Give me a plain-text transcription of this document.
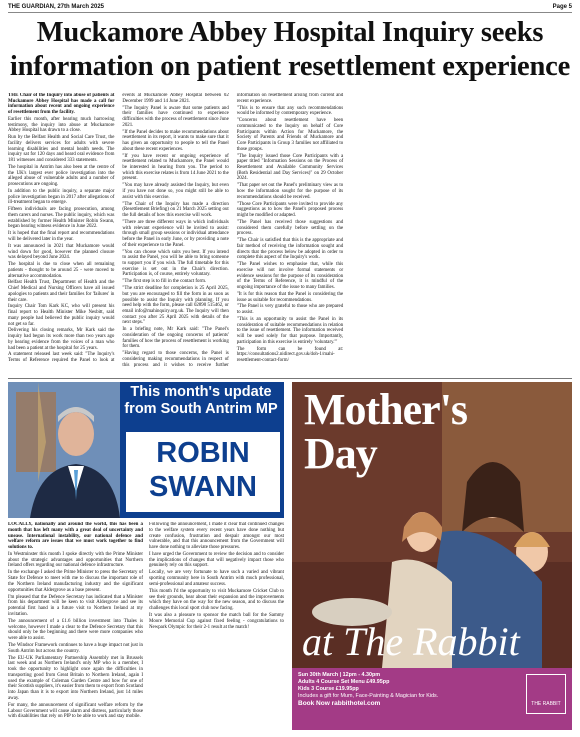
THE GUARDIAN, 27th March 2025	Page 5
Muckamore Abbey Hospital Inquiry seeks information on patient resettlement experience

THE Chair of the Inquiry into abuse of patients at Muckamore Abbey Hospital has made a call for information about recent and ongoing experience of resettlement from the facility.

Earlier this month, after hearing much harrowing testimony, the inquiry into abuse at Muckamore Abbey Hospital has drawn to a close.

Run by the Belfast Health and Social Care Trust, the facility delivers services for adults with severe learning disabilities and mental health needs. The inquiry sat for 120 days and heard oral evidence from 181 witnesses and considered 333 statements.

The hospital in Antrim has also been at the centre of the UK's largest ever police investigation into the alleged abuse of vulnerable adults and a number of prosecutions are ongoing.

In addition to the public inquiry, a separate major police investigation began in 2017 after allegations of ill-treatment began to emerge.

Fifteen individuals are facing prosecution, among them carers and nurses. The public inquiry, which was established by former Health Minister Robin Swann, began hearing witness evidence in June 2022.

It is hoped that the final report and recommendations will be delivered later in the year.

It was announced in 2021 that Muckamore would wind down for good, however the planned closure was delayed beyond June 2024.

The hospital is due to close when all remaining patients - thought to be around 25 - were moved to alternative accommodation.

Belfast Health Trust, Department of Health and the Chief Medical and Nursing Officers have all issued apologies to patients and their families for 'failures' in their care.

Inquiry Chair Tom Kark KC, who will present his final report to Health Minister Mike Nesbitt, said many people had believed the public inquiry would not get so far.

Delivering his closing remarks, Mr Kark said the inquiry had begun its work more than two years ago by hearing evidence from the voices of a man who had been a patient at the hospital for 25 years.

A statement released last week said: "The Inquiry's Terms of Reference required the Panel to look at events at Muckamore Abbey Hospital between 02 December 1999 and 14 June 2021.

"The Inquiry Panel is aware that some patients and their families have continued to experience difficulties with the process of resettlement since June 2021.

"If the Panel decides to make recommendations about resettlement in its report, it wants to make sure that it has given an opportunity to people to tell the Panel about these recent experiences.

"If you have recent or ongoing experience of resettlement related to Muckamore, the Panel would be interested in hearing from you. The period to which this exercise relates is from 14 June 2021 to the present.

"You may have already assisted the Inquiry, but even if you have not done so, you might still be able to assist with this exercise.

"The Chair of the Inquiry has made a direction (Resettlement Briefing) on 21 March 2025 setting out the full details of how this exercise will work.

"There are three different ways in which individuals with relevant experience will be invited to assist: through small group sessions or individual attendance before the Panel in early June, or by providing a note of their experience to the Panel.

"You can choose which suits you best. If you intend to assist the Panel, you will be able to bring someone to support you if you wish. The full timetable for this exercise is set out in the Chair's direction. Participation is, of course, entirely voluntary.

"The first step is to fill in the contact form.

"The strict deadline for completion is 25 April 2025, but you are encouraged to fill the form in as soon as possible to assist the Inquiry with planning. If you need help with the form, please call 02890 515462, or email info@mahinquiry.org.uk. The Inquiry will then contact you after 25 April 2025 with details of the next steps."

In a briefing note, Mr Kark said: "The Panel's consideration of the ongoing concerns of patients' families of how the process of resettlement is working for them.

"Having regard to those concerns, the Panel is considering making recommendations in respect of this process and it wishes to receive further information on resettlement arising from current and recent experience.

"This is to ensure that any such recommendations would be informed by contemporary experience.

"Concerns about resettlement have been communicated to the Inquiry on behalf of Core Participants within Action for Muckamore, the Society of Parents and Friends of Muckamore and Core Participants in Group 3 families not affiliated to those groups.

"The Inquiry issued those Core Participants with a paper titled "Information Sessions on the Process of Resettlement and Available Community Services (Both Residential and Day Services)" on 29 October 2024.

"That paper set out the Panel's preliminary view as to how the information sought for the purpose of its recommendations should be received.

"Those Core Participants were invited to provide any suggestions as to how the Panel's proposed process might be modified or adapted.

"The Panel has received those suggestions and considered them carefully before settling on the process.

"The Chair is satisfied that this is the appropriate and fair method of receiving the information sought and directs that the process below be adopted in order to complete this aspect of the Inquiry's work.

"The Panel wishes to emphasise that, while this exercise will not involve formal statements or evidence sessions for the purpose of its consideration of the Terms of Reference, it is mindful of the ongoing importance of the issue to many families.

"It is for this reason that the Panel is considering the issue as suitable for recommendations.

"The Panel is very grateful to those who are prepared to assist.

"This is an opportunity to assist the Panel in its consideration of suitable recommendations in relation to the issue of resettlement. The information received will be used solely for that purpose. Importantly, participation in this exercise is entirely 'voluntary.'"

The form can be found at: https://consultations2.nidirect.gov.uk/doh-1/mahi-resettlement-contact-form/

This month's update from South Antrim MP
ROBIN
SWANN

LOCALLY, nationally and around the world, this has been a month that has left many with a great deal of uncertainty and unease. International instability, our national defence and welfare reform are issues that we must work together to find solutions to.

In Westminster this month I spoke directly with the Prime Minister about the strategic advantages and opportunities that Northern Ireland offers regarding our national defence infrastructure.

In the exchange I asked the Prime Minister to press the Secretary of State for Defence to meet with me to discuss the important role of the Northern Ireland manufacturing industry and the significant opportunities that Aldergrove as a base present.

I'm pleased that the Defence Secretary has indicated that a Minister from his department will be keen to visit Aldergrove and see its potential first hand in a future visit to Northern Ireland at my invitation.

The announcement of a £1.6 billion investment into Thales is welcome, however I made a clear to the Defence Secretary that this should only be the beginning and there were more companies who were able to assist.

The Windsor Framework continues to have a huge impact not just in South Antrim but across the country.

The EU-UK Parliamentary Partnership Assembly met in Brussels last week and as Northern Ireland's only MP who is a member, I took the opportunity to highlight once again the difficulties in transporting good from Great Britain to Northern Ireland, again I used the example of Coleman Garden Centre and how for one of their Scottish suppliers, it's easier from them to export from Scotland into Japan than it is to export into Northern Ireland, just 14 miles away.

For many, the announcement of significant welfare reform by the Labour Government will cause alarm and distress, particularly those with disabilities that rely on PIP to be able to work and stay mobile.

Following the announcement, I made it clear that continued changes to the welfare system every recent years have done nothing but create confusion, frustration and despair amongst our most vulnerable, and that this announcement from the Government will have done nothing to alleviate those pressures.

I have urged the Government to review the decision and to consider the implications of changes that will negatively impact those who genuinely rely on this support.

Locally, we are very fortunate to have such a varied and vibrant sporting community here in South Antrim with much professional, semi-professional and amateur success.

This month I'd the opportunity to visit Muckamore Cricket Club to see their grounds, hear about their expansion and the improvements which they have on the way for the new season, and to discuss the challenges this local sport club now facing.

It was also a pleasure to sponsor the match ball for the Sammy Moore Memorial Cup against fixed feeling - congratulations to Newpark Olympic for their 2-1 result at the match!

Mother's
Day
at The Rabbit
Sun 30th March | 12pm - 4.30pm
Adults 4 Course Set Menu £49.95pp
Kids 3 Course £19.95pp
Includes a gift for Mum, Face-Painting & Magician for Kids.
Book Now rabbithotel.com	THE RABBIT
